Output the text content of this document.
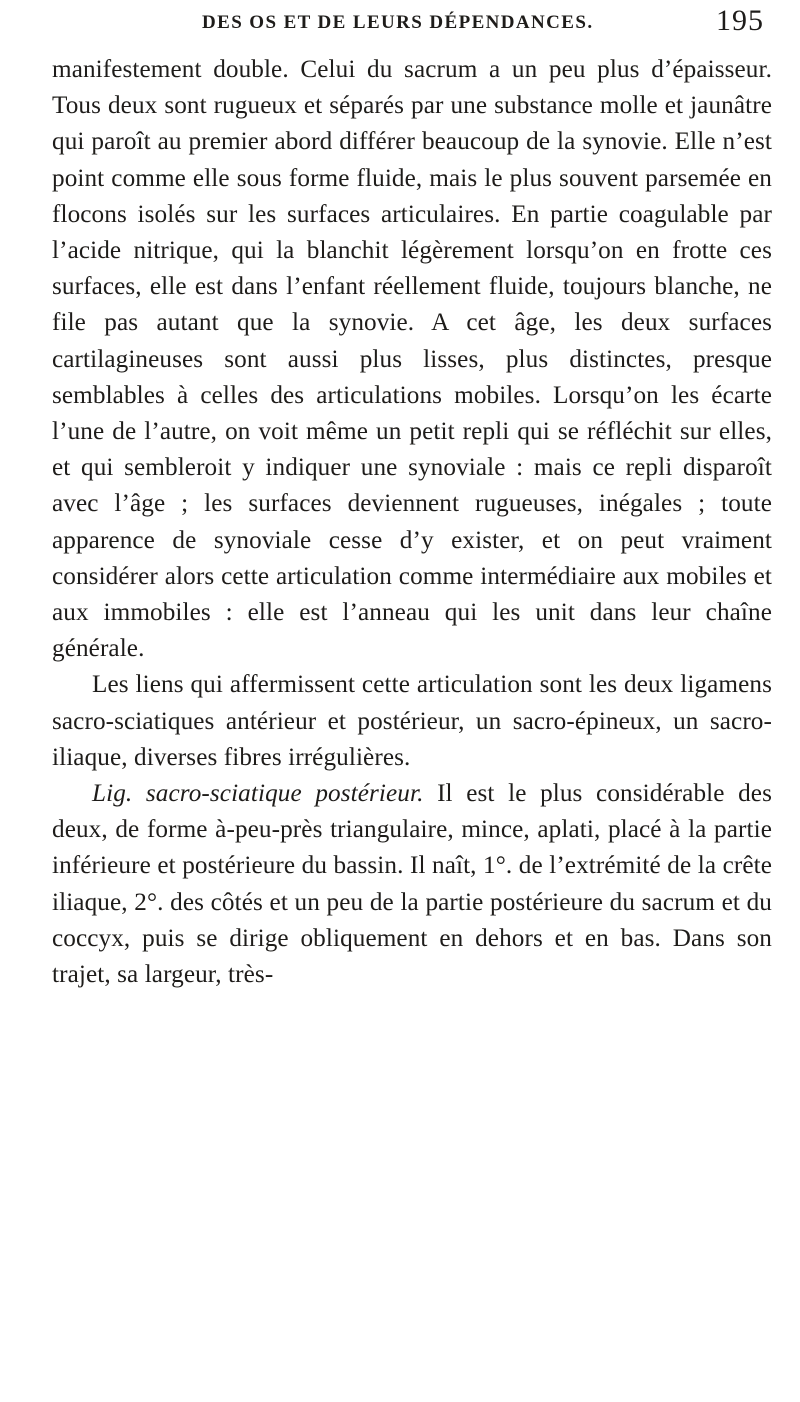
DES OS ET DE LEURS DÉPENDANCES.	195

manifestement double. Celui du sacrum a un peu plus d’épaisseur. Tous deux sont rugueux et séparés par une substance molle et jaunâtre qui paroît au premier abord différer beaucoup de la synovie. Elle n’est point comme elle sous forme fluide, mais le plus souvent parsemée en flocons isolés sur les surfaces articulaires. En partie coagulable par l’acide nitrique, qui la blanchit légèrement lorsqu’on en frotte ces surfaces, elle est dans l’enfant réellement fluide, toujours blanche, ne file pas autant que la synovie. A cet âge, les deux surfaces cartilagineuses sont aussi plus lisses, plus distinctes, presque semblables à celles des articulations mobiles. Lorsqu’on les écarte l’une de l’autre, on voit même un petit repli qui se réfléchit sur elles, et qui sembleroit y indiquer une synoviale : mais ce repli disparoît avec l’âge ; les surfaces deviennent rugueuses, inégales ; toute apparence de synoviale cesse d’y exister, et on peut vraiment considérer alors cette articulation comme intermédiaire aux mobiles et aux immobiles : elle est l’anneau qui les unit dans leur chaîne générale.

Les liens qui affermissent cette articulation sont les deux ligamens sacro-sciatiques antérieur et postérieur, un sacro-épineux, un sacro-iliaque, diverses fibres irrégulières.

Lig. sacro-sciatique postérieur. Il est le plus considérable des deux, de forme à-peu-près triangulaire, mince, aplati, placé à la partie inférieure et postérieure du bassin. Il naît, 1°. de l’extrémité de la crête iliaque, 2°. des côtés et un peu de la partie postérieure du sacrum et du coccyx, puis se dirige obliquement en dehors et en bas. Dans son trajet, sa largeur, très-
